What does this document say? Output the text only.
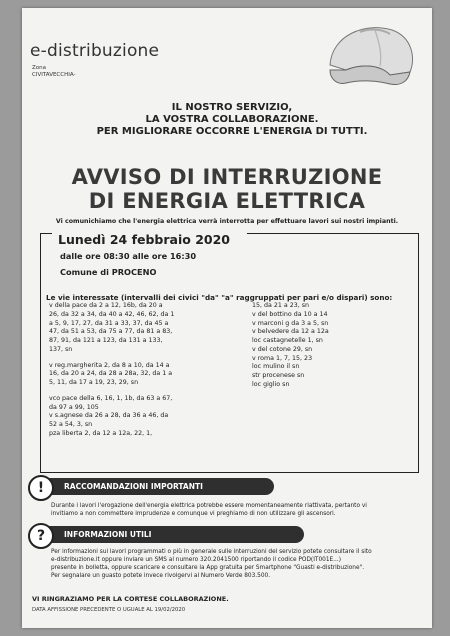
e-distribuzione
Zona
CIVITAVECCHIA-
IL NOSTRO SERVIZIO,
LA VOSTRA COLLABORAZIONE.
PER MIGLIORARE OCCORRE L'ENERGIA DI TUTTI.
AVVISO DI INTERRUZIONE
DI ENERGIA ELETTRICA
Vi comunichiamo che l'energia elettrica verrà interrotta per effettuare lavori sui nostri impianti.
Lunedì 24 febbraio 2020
dalle ore 08:30 alle ore 16:30
Comune di PROCENO
Le vie interessate (intervalli dei civici "da" "a" raggruppati per pari e/o dispari) sono:
v della pace da 2 a 12, 16b, da 20 a
26, da 32 a 34, da 40 a 42, 46, 62, da 1
a 5, 9, 17, 27, da 31 a 33, 37, da 45 a
47, da 51 a 53, da 75 a 77, da 81 a 83,
87, 91, da 121 a 123, da 131 a 133,
137, sn
v reg.margherita 2, da 8 a 10, da 14 a
16, da 20 a 24, da 28 a 28a, 32, da 1 a
5, 11, da 17 a 19, 23, 29, sn
vco pace della 6, 16, 1, 1b, da 63 a 67,
da 97 a 99, 105
v s.agnese da 26 a 28, da 36 a 46, da
52 a 54, 3, sn
pza liberta 2, da 12 a 12a, 22, 1,
15, da 21 a 23, sn
v del bottino da 10 a 14
v marconi g da 3 a 5, sn
v belvedere da 12 a 12a
loc castagnetelle 1, sn
v del cotone 29, sn
v roma 1, 7, 15, 23
loc mulino il sn
str procenese sn
loc giglio sn
!	RACCOMANDAZIONI IMPORTANTI
Durante i lavori l'erogazione dell'energia elettrica potrebbe essere momentaneamente riattivata, pertanto vi
invitiamo a non commettere imprudenze e comunque vi preghiamo di non utilizzare gli ascensori.
?	INFORMAZIONI UTILI
Per informazioni sui lavori programmati o più in generale sulle interruzioni del servizio potete consultare il sito
e-distribuzione.it oppure inviare un SMS al numero 320.2041500 riportando il codice POD(IT001E...)
presente in bolletta, oppure scaricare e consultare la App gratuita per Smartphone "Guasti e-distribuzione".
Per segnalare un guasto potete invece rivolgervi al Numero Verde 803.500.
VI RINGRAZIAMO PER LA CORTESE COLLABORAZIONE.
DATA AFFISSIONE PRECEDENTE O UGUALE AL 19/02/2020
